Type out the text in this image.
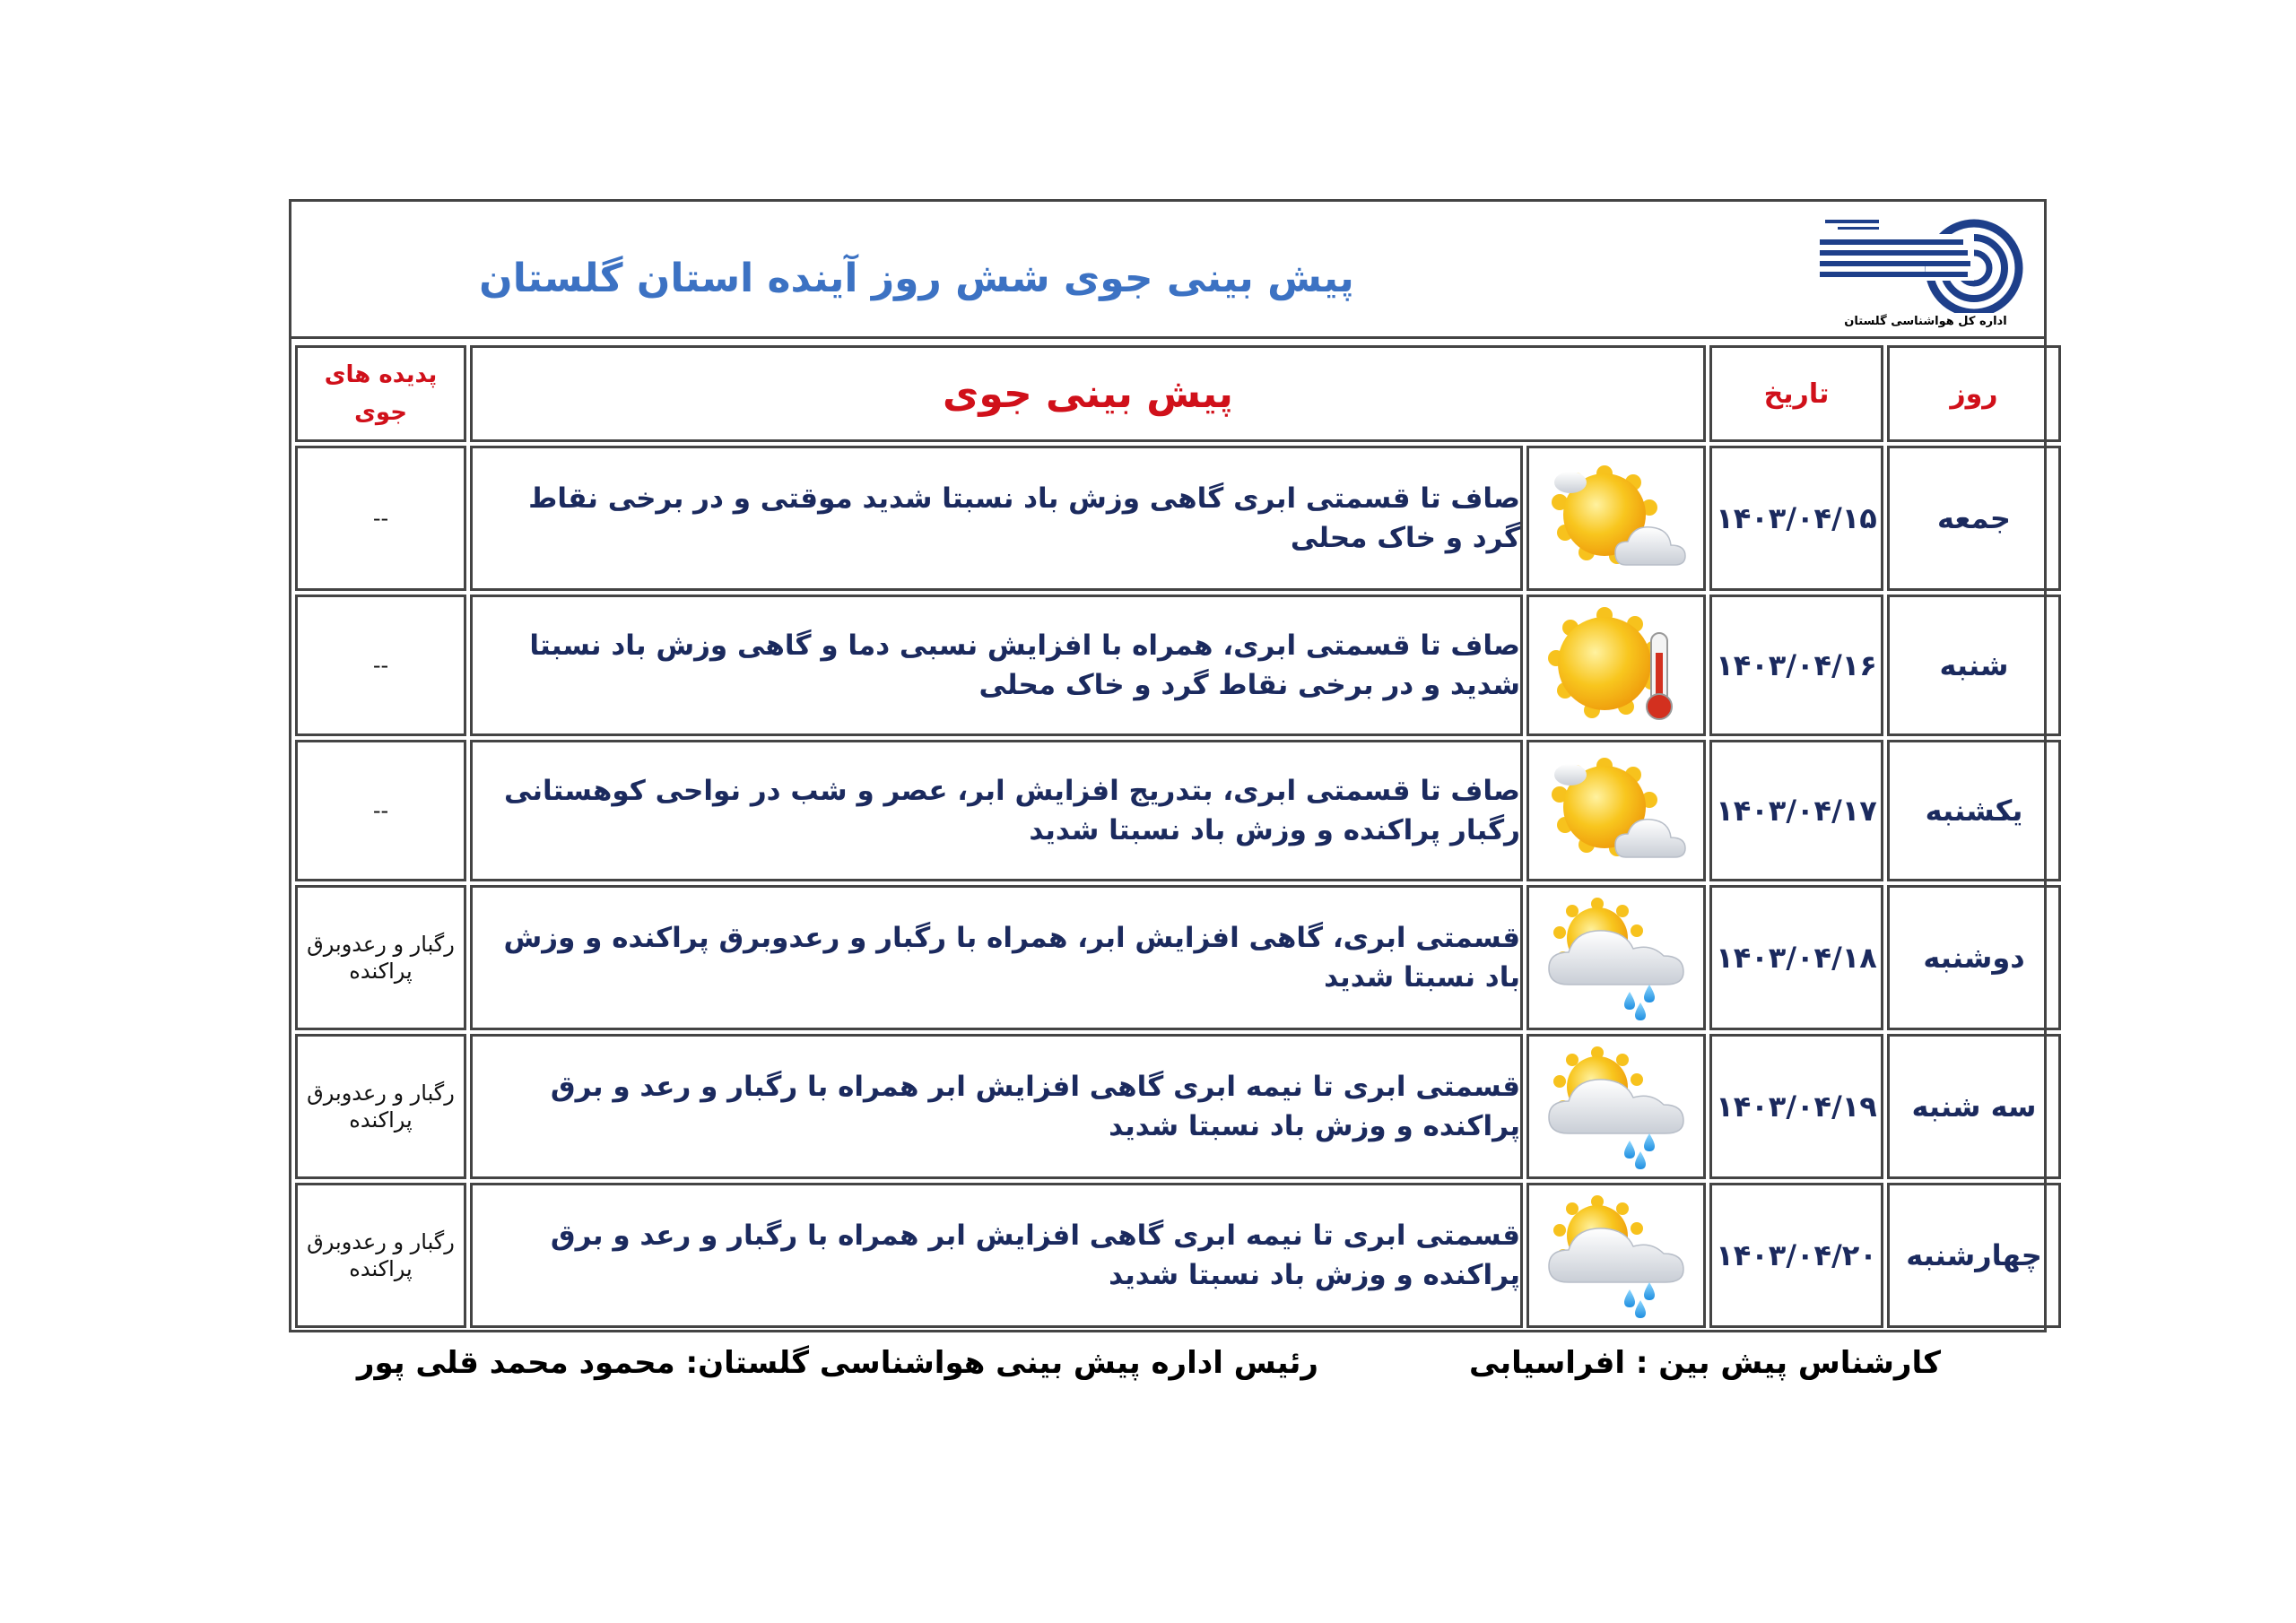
اداره کل هواشناسی گلستان
پیش بینی جوی شش روز آینده استان گلستان
روز	تاریخ	پیش بینی جوی		پدیده های جوی
جمعه	۱۴۰۳/۰۴/۱۵		صاف تا قسمتی ابری گاهی وزش باد نسبتا شدید موقتی و در برخی نقاط گرد و خاک محلی	--
شنبه	۱۴۰۳/۰۴/۱۶		صاف تا قسمتی ابری، همراه با افزایش نسبی دما و گاهی وزش باد نسبتا شدید و در برخی نقاط گرد و خاک محلی	--
یکشنبه	۱۴۰۳/۰۴/۱۷		صاف تا قسمتی ابری، بتدریج افزایش ابر، عصر و شب در نواحی کوهستانی رگبار پراکنده و وزش باد نسبتا شدید	--
دوشنبه	۱۴۰۳/۰۴/۱۸		قسمتی ابری، گاهی افزایش ابر، همراه با رگبار و رعدوبرق پراکنده و وزش باد نسبتا شدید	رگبار و رعدوبرق پراکنده
سه شنبه	۱۴۰۳/۰۴/۱۹		قسمتی ابری تا نیمه ابری گاهی افزایش ابر همراه با رگبار و رعد و برق پراکنده و وزش باد نسبتا شدید	رگبار و رعدوبرق پراکنده
چهارشنبه	۱۴۰۳/۰۴/۲۰		قسمتی ابری تا نیمه ابری گاهی افزایش ابر همراه با رگبار و رعد و برق پراکنده و وزش باد نسبتا شدید	رگبار و رعدوبرق پراکنده
کارشناس پیش بین : افراسیابی
رئیس اداره پیش بینی هواشناسی گلستان: محمود محمد قلی پور
